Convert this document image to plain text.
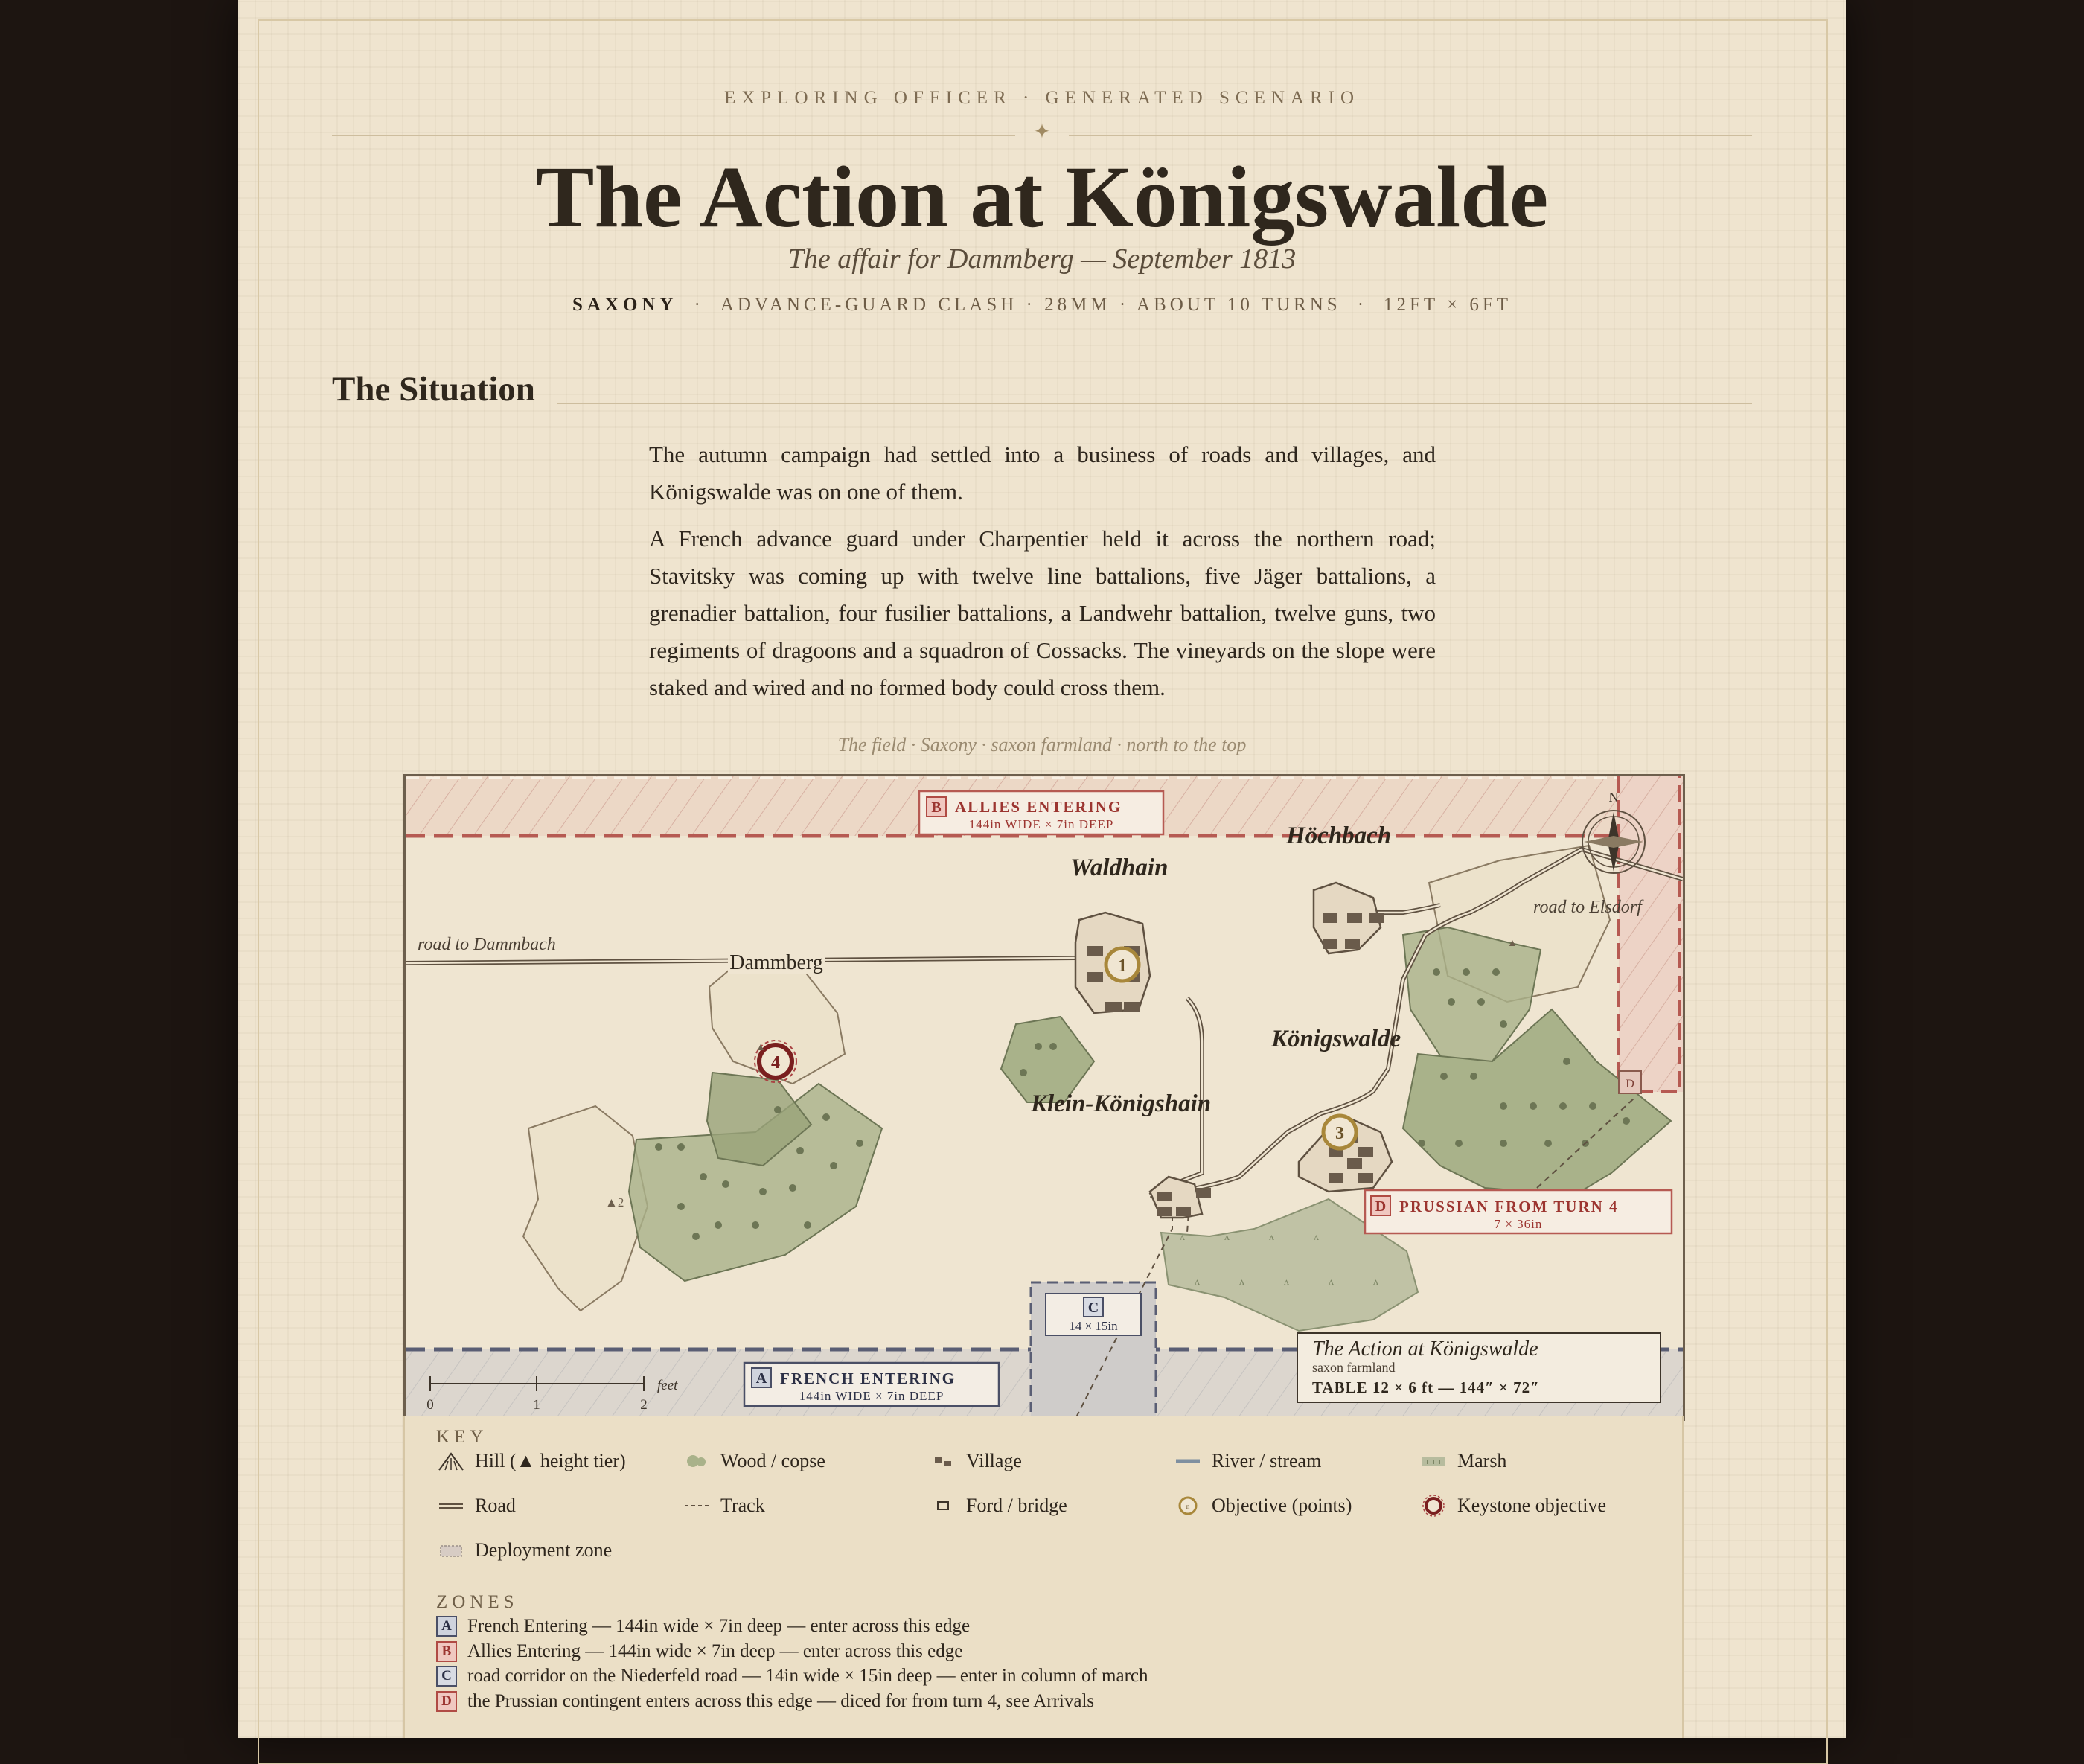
EXPLORING OFFICER · GENERATED SCENARIO
✦
The Action at Königswalde
The affair for Dammberg — September 1813
SAXONY · ADVANCE-GUARD CLASH · 28MM · ABOUT 10 TURNS · 12FT × 6FT
The Situation

The autumn campaign had settled into a business of roads and villages, and Königswalde was on one of them.

A French advance guard under Charpentier held it across the northern road; Stavitsky was coming up with twelve line battalions, five Jäger battalions, a grenadier battalion, four fusilier battalions, a Landwehr battalion, twelve guns, two regiments of dragoons and a squadron of Cossacks. The vineyards on the slope were staked and wired and no formed body could cross them.

The field · Saxony · saxon farmland · north to the top
ʌ	ʌ	ʌ	ʌ
ʌ	ʌ	ʌ	ʌ	ʌ
1
3
4
▲2
▲
▲
Höchbach
Waldhain
Königswalde
Klein-Königshain
Dammberg
road to Dammbach
road to Elsdorf
N
B ALLIES ENTERING
144in WIDE × 7in DEEP
A FRENCH ENTERING
144in WIDE × 7in DEEP
C
14 × 15in
D
D PRUSSIAN FROM TURN 4
7 × 36in
0	1	2
feet
The Action at Königswalde
saxon farmland
TABLE 12 × 6 ft — 144″ × 72″
KEY
Hill (▲ height tier)	Wood / copse	Village	River / stream	Marsh
Road	Track	Ford / bridge	n Objective (points)	Keystone objective
Deployment zone
ZONES
A French Entering — 144in wide × 7in deep — enter across this edge
B Allies Entering — 144in wide × 7in deep — enter across this edge
C road corridor on the Niederfeld road — 14in wide × 15in deep — enter in column of march
D the Prussian contingent enters across this edge — diced for from turn 4, see Arrivals
